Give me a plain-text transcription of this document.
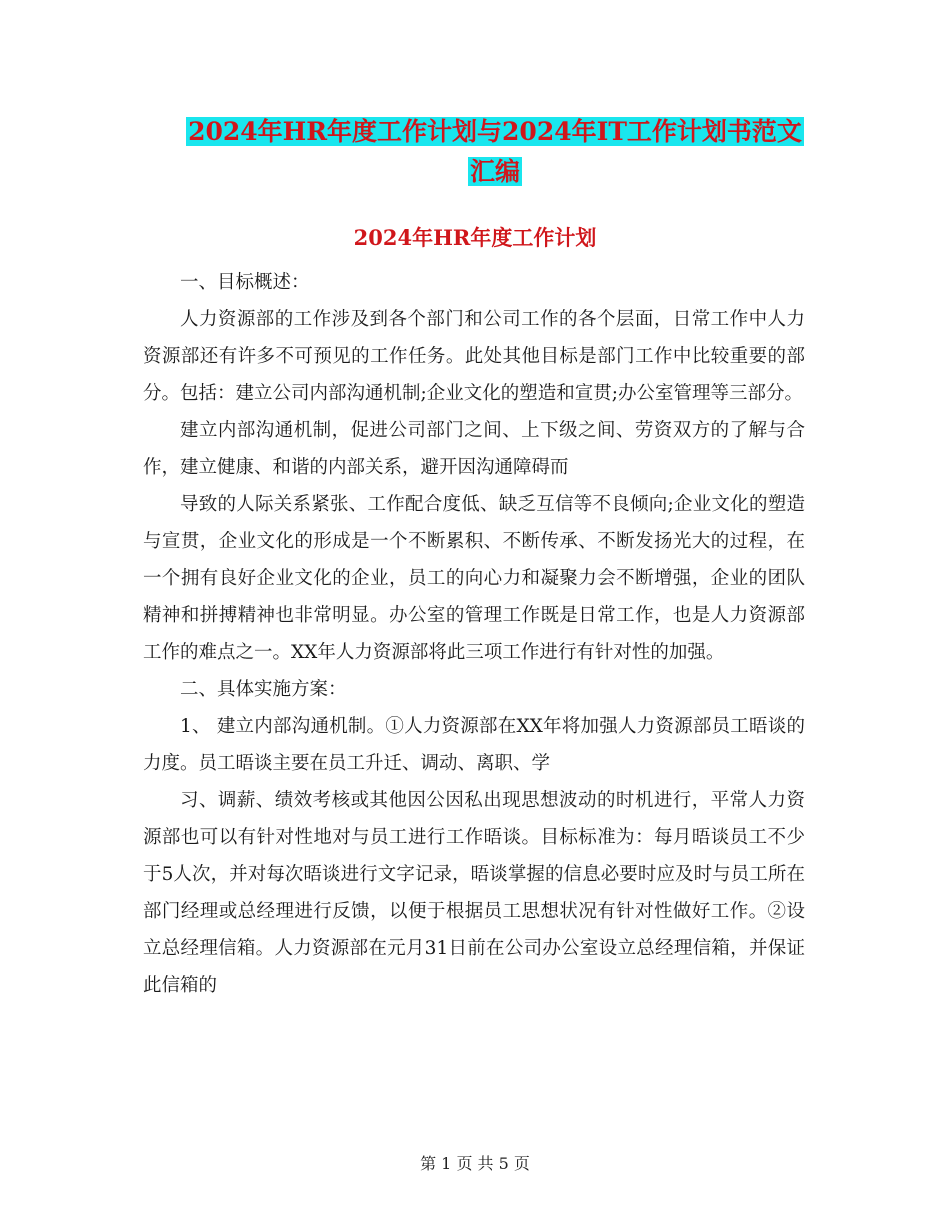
2024年HR年度工作计划与2024年IT工作计划书范文
汇编
2024年HR年度工作计划

一、目标概述：

人力资源部的工作涉及到各个部门和公司工作的各个层面，日常工作中人力资源部还有许多不可预见的工作任务。此处其他目标是部门工作中比较重要的部分。包括：建立公司内部沟通机制;企业文化的塑造和宣贯;办公室管理等三部分。

建立内部沟通机制，促进公司部门之间、上下级之间、劳资双方的了解与合作，建立健康、和谐的内部关系，避开因沟通障碍而

导致的人际关系紧张、工作配合度低、缺乏互信等不良倾向;企业文化的塑造与宣贯，企业文化的形成是一个不断累积、不断传承、不断发扬光大的过程，在一个拥有良好企业文化的企业，员工的向心力和凝聚力会不断增强，企业的团队精神和拼搏精神也非常明显。办公室的管理工作既是日常工作，也是人力资源部工作的难点之一。XX年人力资源部将此三项工作进行有针对性的加强。

二、具体实施方案：

1、 建立内部沟通机制。①人力资源部在XX年将加强人力资源部员工晤谈的力度。员工晤谈主要在员工升迁、调动、离职、学

习、调薪、绩效考核或其他因公因私出现思想波动的时机进行，平常人力资源部也可以有针对性地对与员工进行工作晤谈。目标标准为：每月晤谈员工不少于5人次，并对每次晤谈进行文字记录，晤谈掌握的信息必要时应及时与员工所在部门经理或总经理进行反馈，以便于根据员工思想状况有针对性做好工作。②设立总经理信箱。人力资源部在元月31日前在公司办公室设立总经理信箱，并保证此信箱的

第 1 页 共 5 页
